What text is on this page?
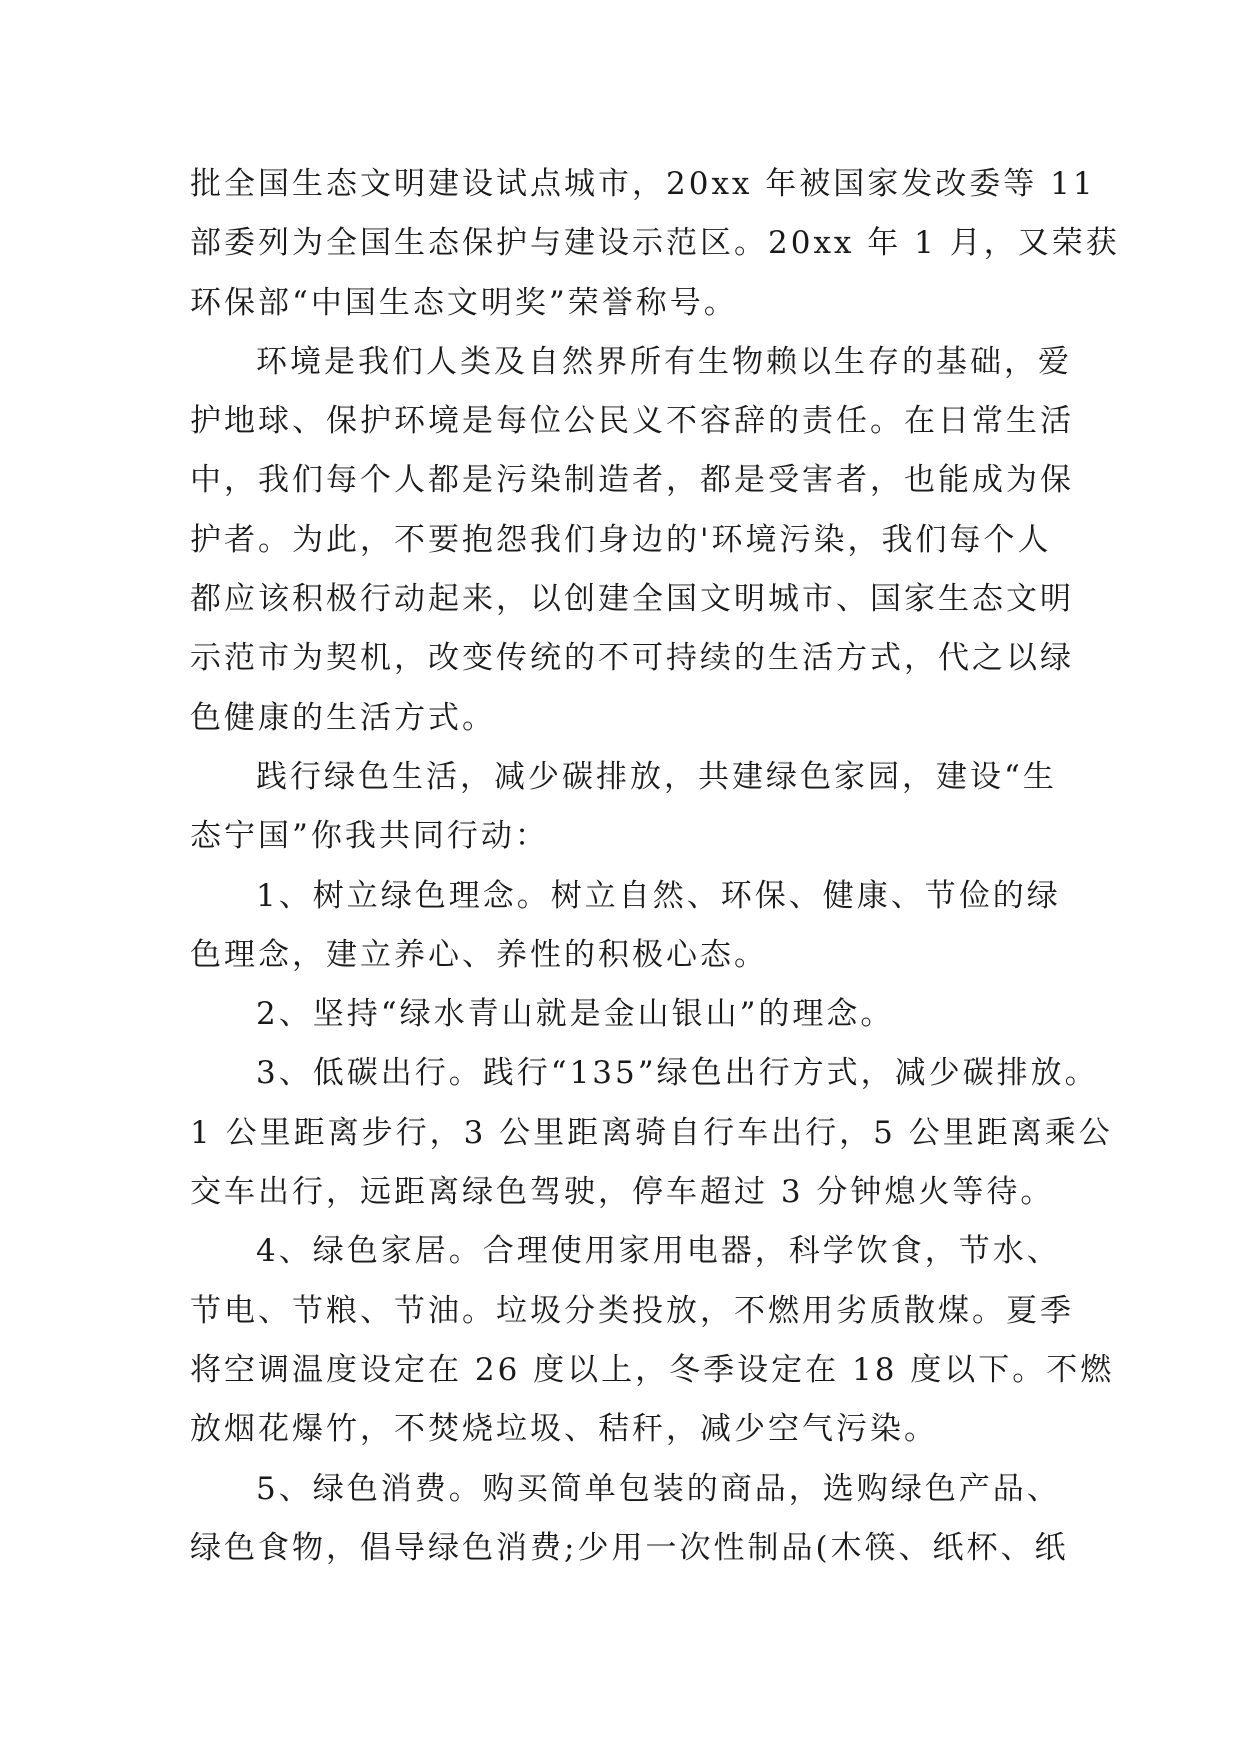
批全国生态文明建设试点城市，20xx 年被国家发改委等 11
部委列为全国生态保护与建设示范区。20xx 年 1 月，又荣获
环保部“中国生态文明奖”荣誉称号。
环境是我们人类及自然界所有生物赖以生存的基础，爱
护地球、保护环境是每位公民义不容辞的责任。在日常生活
中，我们每个人都是污染制造者，都是受害者，也能成为保
护者。为此，不要抱怨我们身边的'环境污染，我们每个人
都应该积极行动起来，以创建全国文明城市、国家生态文明
示范市为契机，改变传统的不可持续的生活方式，代之以绿
色健康的生活方式。
践行绿色生活，减少碳排放，共建绿色家园，建设“生
态宁国”你我共同行动：
1、树立绿色理念。树立自然、环保、健康、节俭的绿
色理念，建立养心、养性的积极心态。
2、坚持“绿水青山就是金山银山”的理念。
3、低碳出行。践行“135”绿色出行方式，减少碳排放。
1 公里距离步行，3 公里距离骑自行车出行，5 公里距离乘公
交车出行，远距离绿色驾驶，停车超过 3 分钟熄火等待。
4、绿色家居。合理使用家用电器，科学饮食，节水、
节电、节粮、节油。垃圾分类投放，不燃用劣质散煤。夏季
将空调温度设定在 26 度以上，冬季设定在 18 度以下。不燃
放烟花爆竹，不焚烧垃圾、秸秆，减少空气污染。
5、绿色消费。购买简单包装的商品，选购绿色产品、
绿色食物，倡导绿色消费;少用一次性制品(木筷、纸杯、纸
